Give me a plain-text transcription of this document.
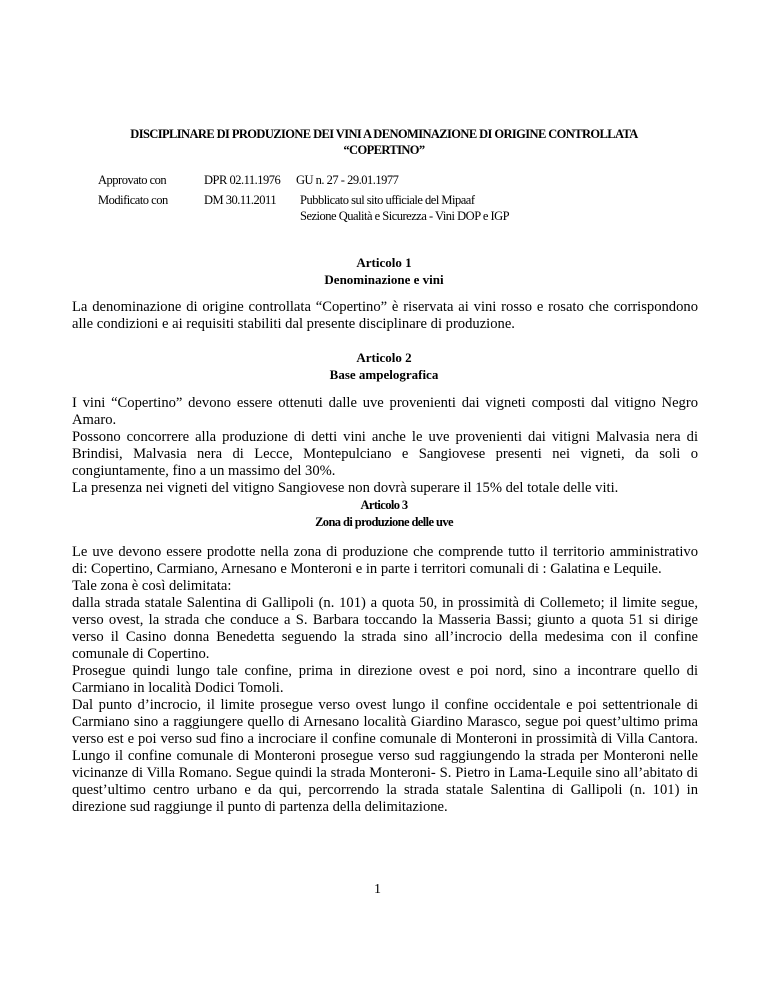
DISCIPLINARE DI PRODUZIONE DEI VINI A DENOMINAZIONE DI ORIGINE CONTROLLATA
“COPERTINO”
Approvato con	DPR 02.11.1976 GU n. 27 - 29.01.1977
Modificato con	DM 30.11.2011 Pubblicato sul sito ufficiale del Mipaaf
Sezione Qualità e Sicurezza - Vini DOP e IGP
Articolo 1
Denominazione e vini

La denominazione di origine controllata “Copertino” è riservata ai vini rosso e rosato che corrispondono alle condizioni e ai requisiti stabiliti dal presente disciplinare di produzione.

Articolo 2
Base ampelografica

I vini “Copertino” devono essere ottenuti dalle uve provenienti dai vigneti composti dal vitigno Negro Amaro.

Possono concorrere alla produzione di detti vini anche le uve provenienti dai vitigni Malvasia nera di Brindisi, Malvasia nera di Lecce, Montepulciano e Sangiovese presenti nei vigneti, da soli o congiuntamente, fino a un massimo del 30%.

La presenza nei vigneti del vitigno Sangiovese non dovrà superare il 15% del totale delle viti.

Articolo 3
Zona di produzione delle uve

Le uve devono essere prodotte nella zona di produzione che comprende tutto il territorio amministrativo di: Copertino, Carmiano, Arnesano e Monteroni e in parte i territori comunali di : Galatina e Lequile.

Tale zona è così delimitata:

dalla strada statale Salentina di Gallipoli (n. 101) a quota 50, in prossimità di Collemeto; il limite segue, verso ovest, la strada che conduce a S. Barbara toccando la Masseria Bassi; giunto a quota 51 si dirige verso il Casino donna Benedetta seguendo la strada sino all’incrocio della medesima con il confine comunale di Copertino.

Prosegue quindi lungo tale confine, prima in direzione ovest e poi nord, sino a incontrare quello di Carmiano in località Dodici Tomoli.

Dal punto d’incrocio, il limite prosegue verso ovest lungo il confine occidentale e poi settentrionale di Carmiano sino a raggiungere quello di Arnesano località Giardino Marasco, segue poi quest’ultimo prima verso est e poi verso sud fino a incrociare il confine comunale di Monteroni in prossimità di Villa Cantora. Lungo il confine comunale di Monteroni prosegue verso sud raggiungendo la strada per Monteroni nelle vicinanze di Villa Romano. Segue quindi la strada Monteroni- S. Pietro in Lama-Lequile sino all’abitato di quest’ultimo centro urbano e da qui, percorrendo la strada statale Salentina di Gallipoli (n. 101) in direzione sud raggiunge il punto di partenza della delimitazione.

1
